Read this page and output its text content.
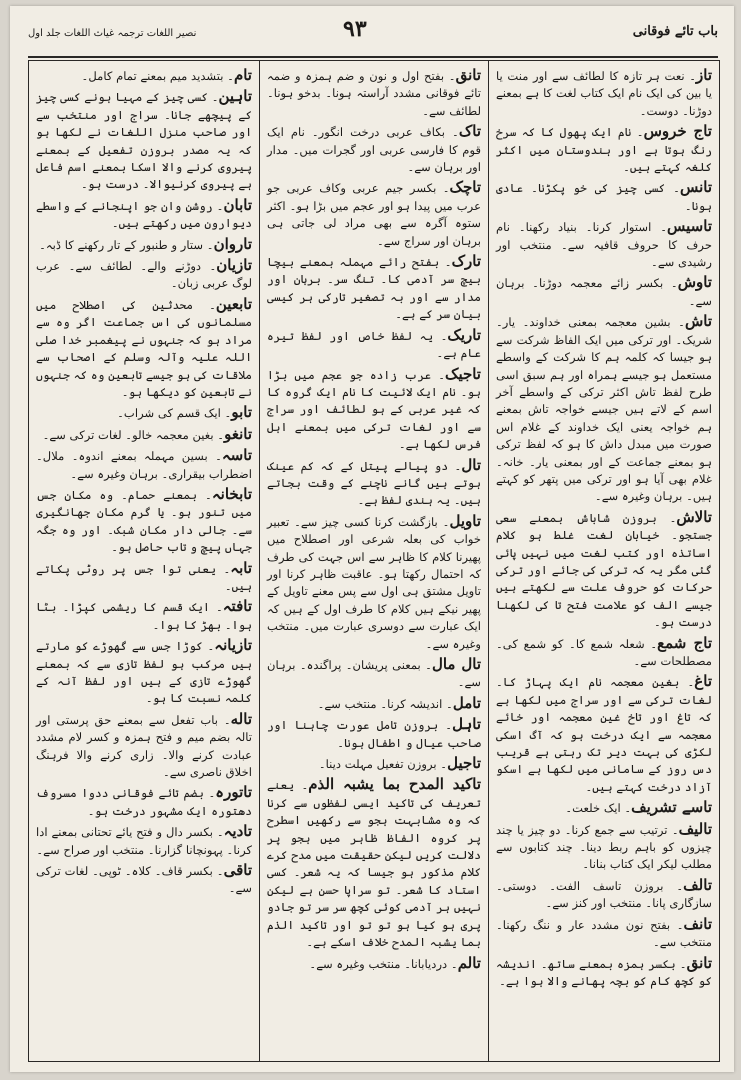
نصیر اللغات ترجمہ غیاث اللغات جلد اول	۹۳	باب تائے فوقانی

تاز۔ نعت ہر تازہ کا لطائف سے اور منت یا یا بین کی ایک نام ایک کتاب لغت کا ہے بمعنے دوڑنا۔ دوست۔

تاج خروس۔ نام ایک پھول کا کہ سرخ رنگ ہوتا ہے اور ہندوستان میں اکثر کلغہ کہتے ہیں۔

تانس۔ کسی چیز کی خو پکڑنا۔ عادی ہونا۔

تاسیس۔ استوار کرنا۔ بنیاد رکھنا۔ نام حرف کا حروف قافیہ سے۔ منتخب اور رشیدی سے۔

تاوش۔ بکسر زائے معجمہ دوڑنا۔ برہان سے۔

تاش۔ بشین معجمہ بمعنی خداوند۔ یار۔ شریک۔ اور ترکی میں ایک الفاظ شرکت سے ہو جیسا کہ کلمہ ہم کا شرکت کے واسطے مستعمل ہو جیسے ہمراہ اور ہم سبق اسی طرح لفظ تاش اکثر ترکی کے واسطے آخر اسم کے لاتے ہیں جیسے خواجہ تاش بمعنے ہم خواجہ یعنی ایک خداوند کے غلام اس صورت میں مبدل داش کا ہو کہ لفظ ترکی ہو بمعنے جماعت کے اور بمعنی یار۔ خانہ۔ غلام بھی آیا ہو اور ترکی میں پتھر کو کہتے ہیں۔ برہان وغیرہ سے۔

تالاش۔ بروزن شاباش بمعنے سعی جستجو۔ خیابان لغت غلط ہو کلام اساتذہ اور کتب لغت میں نہیں پائی گئی مگر یہ کہ ترکی کی جائے اور ترکی حرکات کو حروف علت سے لکھتے ہیں جیسے الف کو علامت فتح تا کی لکھنا درست ہو۔

تاج شمع۔ شعلہ شمع کا۔ کو شمع کی۔ مصطلحات سے۔

تاغ۔ بغین معجمہ نام ایک پہاڑ کا۔ لغات ترکی سے اور سراج میں لکھا ہے کہ تاغ اور تاخ غین معجمہ اور خائے معجمہ سے ایک درخت ہو کہ آگ اسکی لکڑی کی بہت دیر تک رہتی ہے قریب دس روز کے سامانی میں لکھا ہے اسکو آزاد درخت کہتے ہیں۔

تاسے تشریف۔ ایک خلعت۔

تالیف۔ ترتیب سے جمع کرنا۔ دو چیز یا چند چیزوں کو باہم ربط دینا۔ چند کتابوں سے مطلب لیکر ایک کتاب بنانا۔

تالف۔ بروزن تاسف الفت۔ دوستی۔ سازگاری پانا۔ منتخب اور کنز سے۔

تانف۔ بفتح نون مشدد عار و ننگ رکھنا۔ منتخب سے۔

تانق۔ بکسر ہمزہ بمعنے ساتھ۔ اندیشہ کو کچھ کام کو بچہ پھانے والا ہوا ہے۔

تانق۔ بفتح اول و نون و ضم ہمزہ و ضمہ تائے فوقانی مشدد آراستہ ہونا۔ بدخو ہونا۔ لطائف سے۔

تاک۔ بکاف عربی درخت انگور۔ نام ایک قوم کا فارسی عربی اور گجرات میں۔ مدار اور برہان سے۔

تاچک۔ بکسر جیم عربی وکاف عربی جو عرب میں پیدا ہو اور عجم میں بڑا ہو۔ اکثر ستوہ آگرہ سے بھی مراد لی جاتی ہی برہان اور سراج سے۔

تارک۔ بفتح رائے مہملہ بمعنے بیچا بیچ سر آدمی کا۔ تنگ سر۔ برہان اور مدار سے اور بہ تصغیر تارکی ہر کیسی بیان سر کے ہے۔

تاریک۔ یہ لفظ خاص اور لفظ تیرہ عام ہے۔

تاجیک۔ عرب زادہ جو عجم میں بڑا ہو۔ نام ایک لائیت کا نام ایک گروہ کا کہ غیر عربی کے ہو لطائف اور سراج سے اور لغات ترکی میں بمعنے اہل فرس لکھا ہے۔

تال۔ دو پیالے پیتل کے کہ کم عینک ہوتے ہیں گانے ناچنے کے وقت بجاتے ہیں۔ یہ ہندی لفظ ہے۔

تاویل۔ بازگشت کرنا کسی چیز سے۔ تعبیر خواب کی بعلہ شرعی اور اصطلاح میں پھیرنا کلام کا ظاہر سے اس جہت کی طرف کہ احتمال رکھتا ہو۔ عاقبت ظاہر کرنا اور تاویل مشتق ہی اول سے پس معنے تاویل کے پھیر نیکے ہیں کلام کا طرف اول کے ہیں کہ ایک عبارت سے دوسری عبارت میں۔ منتخب وغیرہ سے۔

تال مال۔ بمعنی پریشان۔ پراگندہ۔ برہان سے۔

تامل۔ اندیشہ کرنا۔ منتخب سے۔

تاہل۔ بروزن تامل عورت چاہنا اور صاحب عیال و اطفال ہونا۔

تاجیل۔ بروزن تفعیل مہلت دینا۔

تاکید المدح بما یشبہ الذم۔ یعنے تعریف کی تاکید ایسی لفظوں سے کرنا کہ وہ مشابہت ہجو سے رکھیں اسطرح پر کروہ الفاظ ظاہر میں ہجو پر دلالت کریں لیکن حقیقت میں مدح کرے کلام مذکور ہو جیسا کہ یہ شعر۔ کسی استاد کا شعر۔ تو سراپا حسن ہے لیکن نہیں ہر آدمی کوئی کچھ سر سر تو جادو پری ہو کیا ہو تو تو اور تاکید الذم بما یشبہ المدح خلاف اسکے ہے۔

تالم۔ دردیابانا۔ منتخب وغیرہ سے۔

تام۔ بتشدید میم بمعنے تمام کامل۔

تاہین۔ کسی چیز کے مہیا ہونے کسی چیز کے پیچھے جانا۔ سراج اور منتخب سے اور صاحب منزل اللغات نے لکھا ہو کہ یہ مصدر بروزن تفعیل کے بمعنے پیروی کرنے والا اسکا بمعنے اسم فاعل ہے پیروی کرنیوالا۔ درست ہو۔

تابان۔ روشن وان جو اپنجانے کے واسطے دیوارون میں رکھتے ہیں۔

تاروان۔ ستار و طنبور کے تار رکھنے کا ڈبہ۔

تازیان۔ دوڑنے والے۔ لطائف سے۔ عرب لوگ عربی زبان۔

تابعین۔ محدثین کی اصطلاح میں مسلمانوں کی اس جماعت اگر وہ سے مراد ہو کہ جنہوں نے پیغمبر خدا صلی اللہ علیہ وآلہ وسلم کے اصحاب سے ملاقات کی ہو جیسے تابعین وہ کہ جنہوں نے تابعین کو دیکھا ہو۔

تابو۔ ایک قسم کی شراب۔

تانغو۔ بغین معجمہ خالو۔ لغات ترکی سے۔

تاسہ۔ بسین مہملہ بمعنے اندوہ۔ ملال۔ اضطراب بیقراری۔ برہان وغیرہ سے۔

تابخانہ۔ بمعنے حمام۔ وہ مکان جس میں تنور ہو۔ یا گرم مکان جھانگیری سے۔ جالی دار مکان شبک۔ اور وہ جگہ جہاں پیچ و تاب حاصل ہو۔

تابہ۔ یعنی توا جس پر روٹی پکاتے ہیں۔

تافتہ۔ ایک قسم کا ریشمی کپڑا۔ بٹا ہوا۔ بھڑ کا ہوا۔

تازیانہ۔ کوڑا جس سے گھوڑے کو مارتے ہیں مرکب ہو لفظ تازی سے کہ بمعنے گھوڑے تازی کے ہیں اور لفظ آنہ کے کلمہ نسبت کا ہو۔

تاله۔ باب تفعل سے بمعنے حق پرستی اور تالہ بضم میم و فتح ہمزہ و کسر لام مشدد عبادت کرنے والا۔ زاری کرنے والا فرہنگ اخلاق ناصری سے۔

تاتورہ۔ بضم تائے فوقانی ددوا مسروف دھتورہ ایک مشہور درخت ہو۔

تادیہ۔ بکسر دال و فتح یائے تحتانی بمعنے ادا کرنا۔ پہونچانا گزارنا۔ منتخب اور صراح سے۔

تاقی۔ بکسر قاف۔ کلاہ۔ ٹوپی۔ لغات ترکی سے۔
